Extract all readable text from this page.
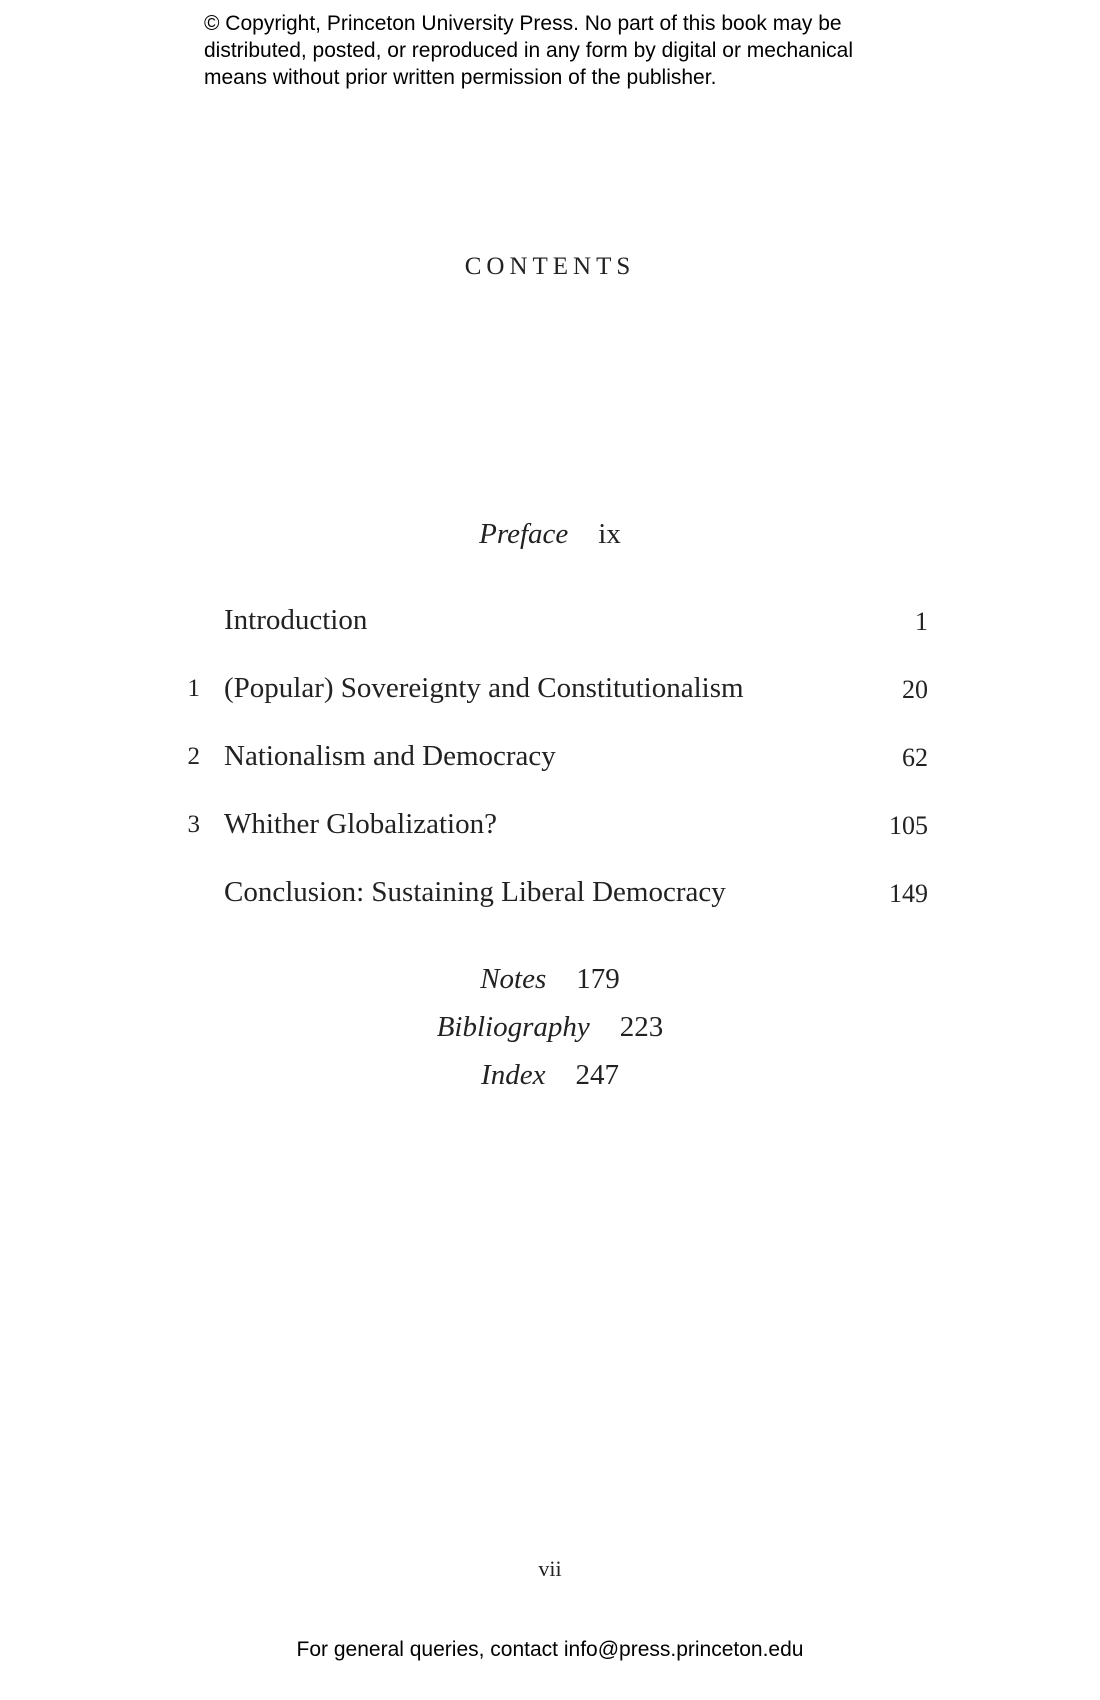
© Copyright, Princeton University Press. No part of this book may be
distributed, posted, or reproduced in any form by digital or mechanical
means without prior written permission of the publisher.
CONTENTS
Preface ix
Introduction	1
1 (Popular) Sovereignty and Constitutionalism	20
2 Nationalism and Democracy	62
3 Whither Globalization?	105
Conclusion: Sustaining Liberal Democracy	149
Notes 179
Bibliography 223
Index 247
vii
For general queries, contact info@press.princeton.edu
